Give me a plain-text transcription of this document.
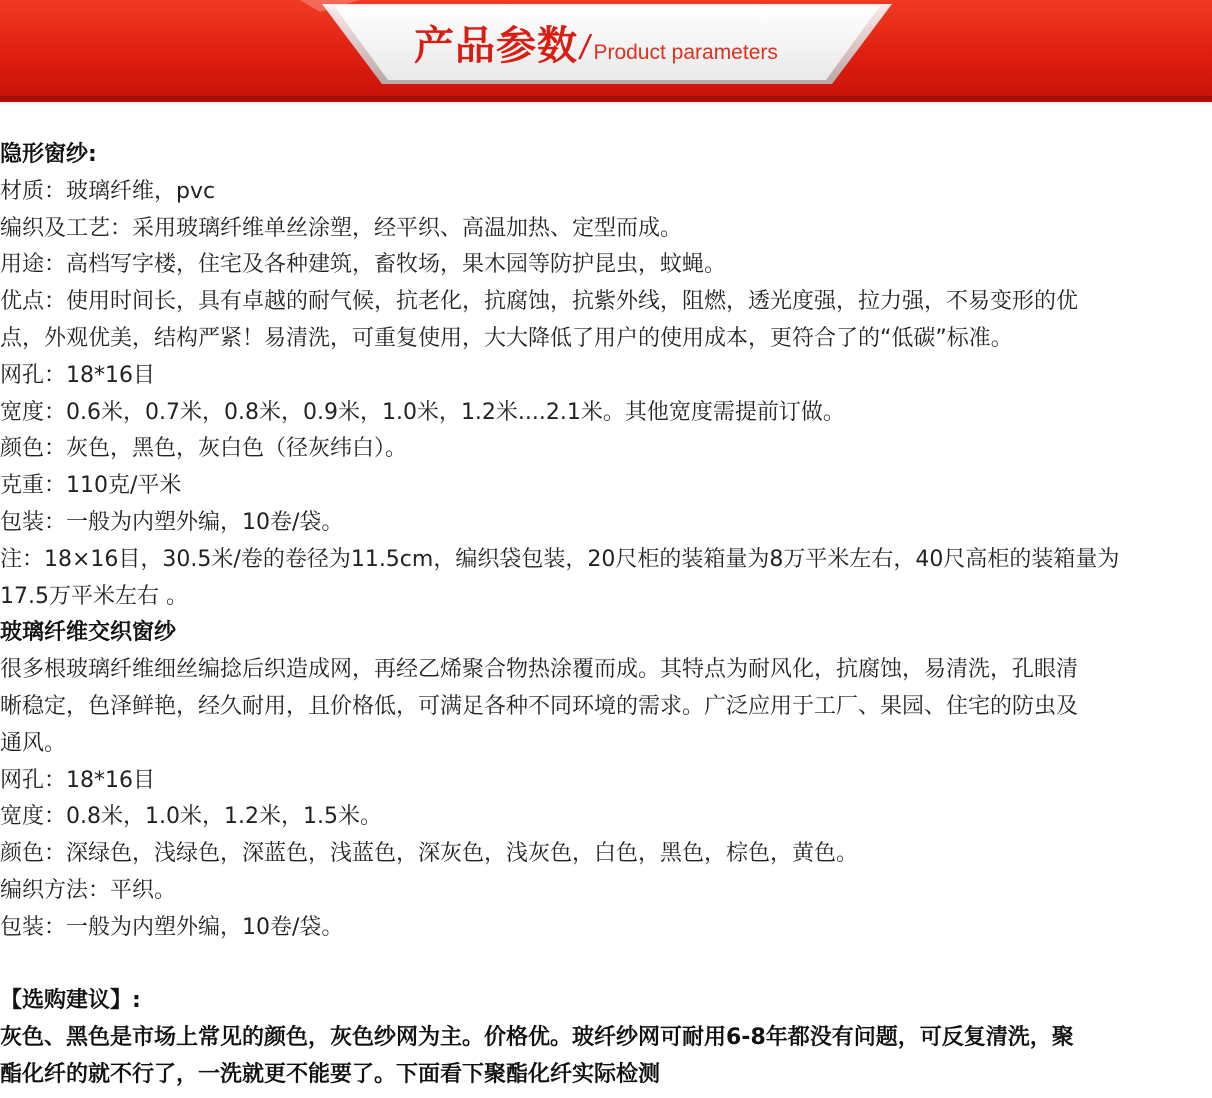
产品参数 / Product parameters

隐形窗纱:

材质：玻璃纤维，pvc

编织及工艺：采用玻璃纤维单丝涂塑，经平织、高温加热、定型而成。

用途：高档写字楼，住宅及各种建筑，畜牧场，果木园等防护昆虫，蚊蝇。

优点：使用时间长，具有卓越的耐气候，抗老化，抗腐蚀，抗紫外线，阻燃，透光度强，拉力强，不易变形的优

点，外观优美，结构严紧！易清洗，可重复使用，大大降低了用户的使用成本，更符合了的“低碳”标准。

网孔：18*16目

宽度：0.6米，0.7米，0.8米，0.9米，1.0米，1.2米....2.1米。其他宽度需提前订做。

颜色：灰色，黑色，灰白色（径灰纬白）。

克重：110克/平米

包装：一般为内塑外编，10卷/袋。

注：18×16目，30.5米/卷的卷径为11.5cm，编织袋包装，20尺柜的装箱量为8万平米左右，40尺高柜的装箱量为

17.5万平米左右 。

玻璃纤维交织窗纱

很多根玻璃纤维细丝编捻后织造成网，再经乙烯聚合物热涂覆而成。其特点为耐风化，抗腐蚀，易清洗，孔眼清

晰稳定，色泽鲜艳，经久耐用，且价格低，可满足各种不同环境的需求。广泛应用于工厂、果园、住宅的防虫及

通风。

网孔：18*16目

宽度：0.8米，1.0米，1.2米，1.5米。

颜色：深绿色，浅绿色，深蓝色，浅蓝色，深灰色，浅灰色，白色，黑色，棕色，黄色。

编织方法：平织。

包装：一般为内塑外编，10卷/袋。

【选购建议】:

灰色、黑色是市场上常见的颜色，灰色纱网为主。价格优。玻纤纱网可耐用6-8年都没有问题，可反复清洗，聚

酯化纤的就不行了，一洗就更不能要了。下面看下聚酯化纤实际检测
